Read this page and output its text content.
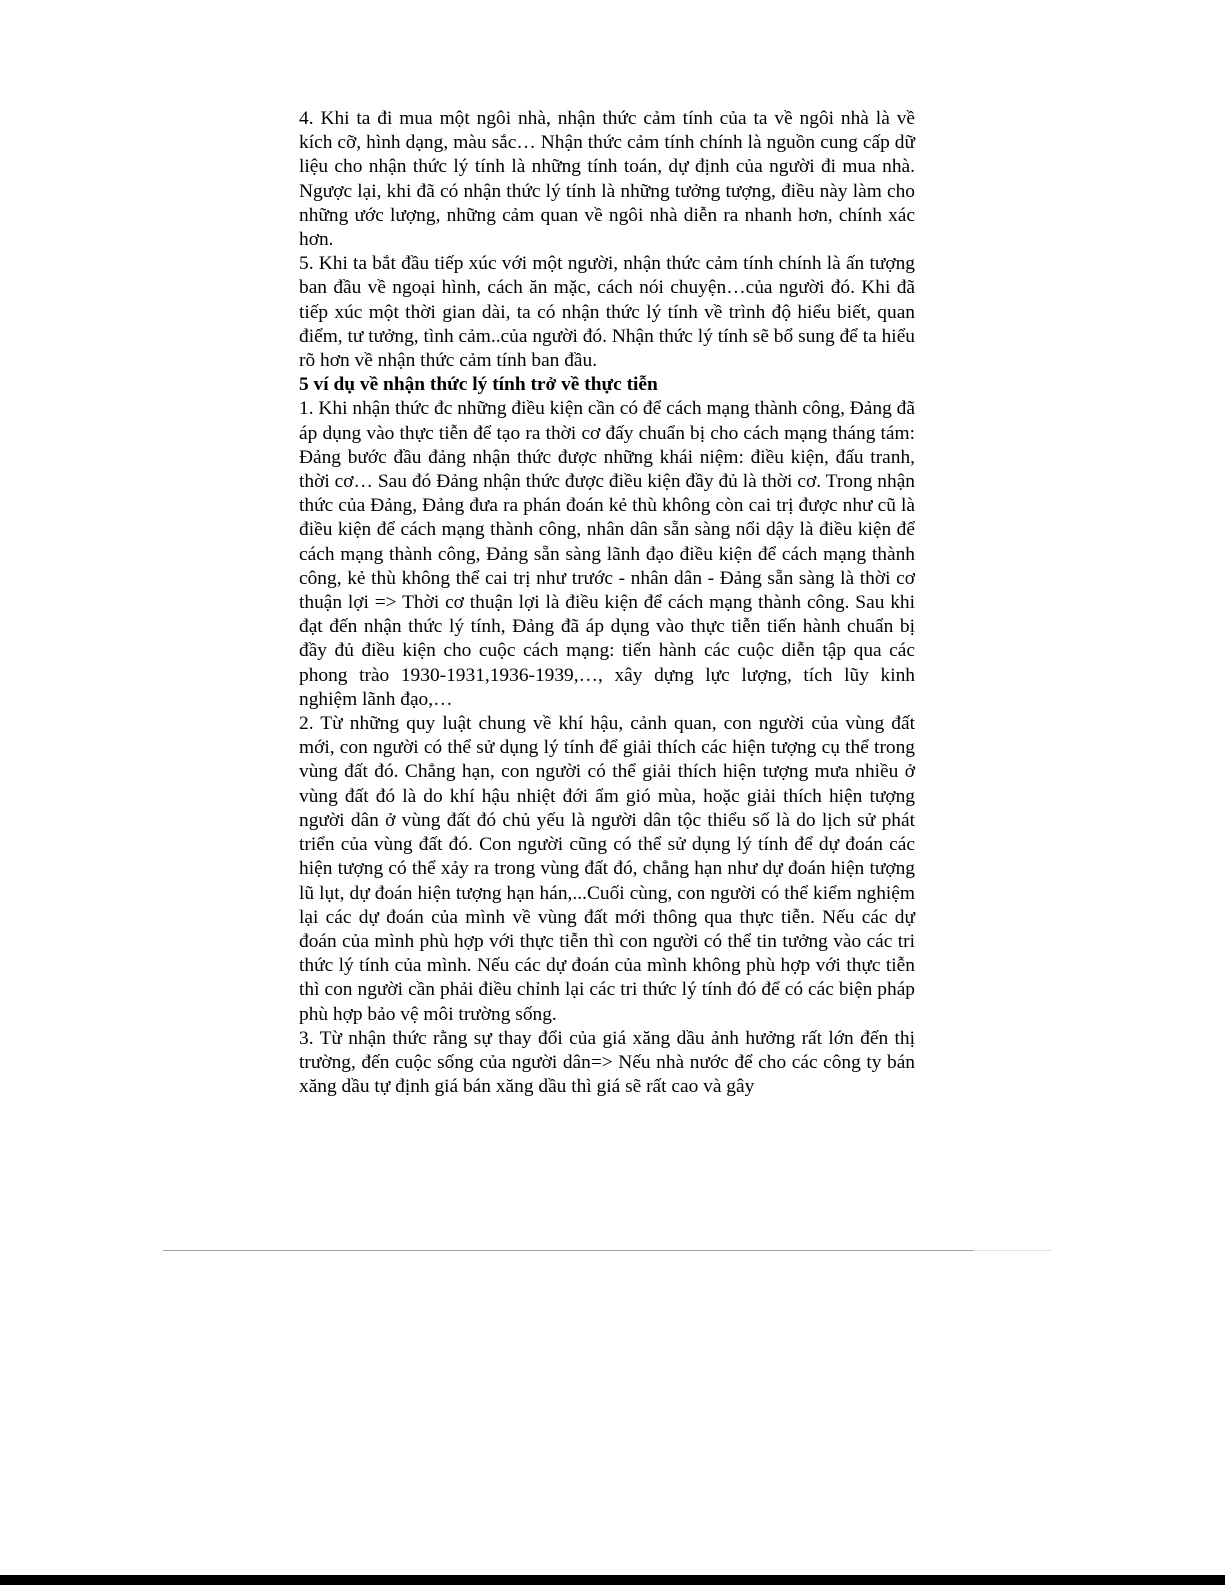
4. Khi ta đi mua một ngôi nhà, nhận thức cảm tính của ta về ngôi nhà là về kích cỡ, hình dạng, màu sắc… Nhận thức cảm tính chính là nguồn cung cấp dữ liệu cho nhận thức lý tính là những tính toán, dự định của người đi mua nhà. Ngược lại, khi đã có nhận thức lý tính là những tưởng tượng, điều này làm cho những ước lượng, những cảm quan về ngôi nhà diễn ra nhanh hơn, chính xác hơn.

5. Khi ta bắt đầu tiếp xúc với một người, nhận thức cảm tính chính là ấn tượng ban đầu về ngoại hình, cách ăn mặc, cách nói chuyện…của người đó. Khi đã tiếp xúc một thời gian dài, ta có nhận thức lý tính về trình độ hiểu biết, quan điểm, tư tưởng, tình cảm..của người đó. Nhận thức lý tính sẽ bổ sung để ta hiểu rõ hơn về nhận thức cảm tính ban đầu.

5 ví dụ về nhận thức lý tính trở về thực tiễn

1. Khi nhận thức đc những điều kiện cần có để cách mạng thành công, Đảng đã áp dụng vào thực tiễn để tạo ra thời cơ đấy chuẩn bị cho cách mạng tháng tám: Đảng bước đầu đảng nhận thức được những khái niệm: điều kiện, đấu tranh, thời cơ… Sau đó Đảng nhận thức được điều kiện đầy đủ là thời cơ. Trong nhận thức của Đảng, Đảng đưa ra phán đoán kẻ thù không còn cai trị được như cũ là điều kiện để cách mạng thành công, nhân dân sẵn sàng nổi dậy là điều kiện để cách mạng thành công, Đảng sẵn sàng lãnh đạo điều kiện để cách mạng thành công, kẻ thù không thể cai trị như trước - nhân dân - Đảng sẵn sàng là thời cơ thuận lợi => Thời cơ thuận lợi là điều kiện để cách mạng thành công. Sau khi đạt đến nhận thức lý tính, Đảng đã áp dụng vào thực tiễn tiến hành chuẩn bị đầy đủ điều kiện cho cuộc cách mạng: tiến hành các cuộc diễn tập qua các phong trào 1930-1931,1936-1939,…, xây dựng lực lượng, tích lũy kinh nghiệm lãnh đạo,…

2. Từ những quy luật chung về khí hậu, cảnh quan, con người của vùng đất mới, con người có thể sử dụng lý tính để giải thích các hiện tượng cụ thể trong vùng đất đó. Chẳng hạn, con người có thể giải thích hiện tượng mưa nhiều ở vùng đất đó là do khí hậu nhiệt đới ẩm gió mùa, hoặc giải thích hiện tượng người dân ở vùng đất đó chủ yếu là người dân tộc thiểu số là do lịch sử phát triển của vùng đất đó. Con người cũng có thể sử dụng lý tính để dự đoán các hiện tượng có thể xảy ra trong vùng đất đó, chẳng hạn như dự đoán hiện tượng lũ lụt, dự đoán hiện tượng hạn hán,...Cuối cùng, con người có thể kiểm nghiệm lại các dự đoán của mình về vùng đất mới thông qua thực tiễn. Nếu các dự đoán của mình phù hợp với thực tiễn thì con người có thể tin tưởng vào các tri thức lý tính của mình. Nếu các dự đoán của mình không phù hợp với thực tiễn thì con người cần phải điều chỉnh lại các tri thức lý tính đó để có các biện pháp phù hợp bảo vệ môi trường sống.

3. Từ nhận thức rằng sự thay đổi của giá xăng dầu ảnh hưởng rất lớn đến thị trường, đến cuộc sống của người dân=> Nếu nhà nước để cho các công ty bán xăng dầu tự định giá bán xăng dầu thì giá sẽ rất cao và gây
